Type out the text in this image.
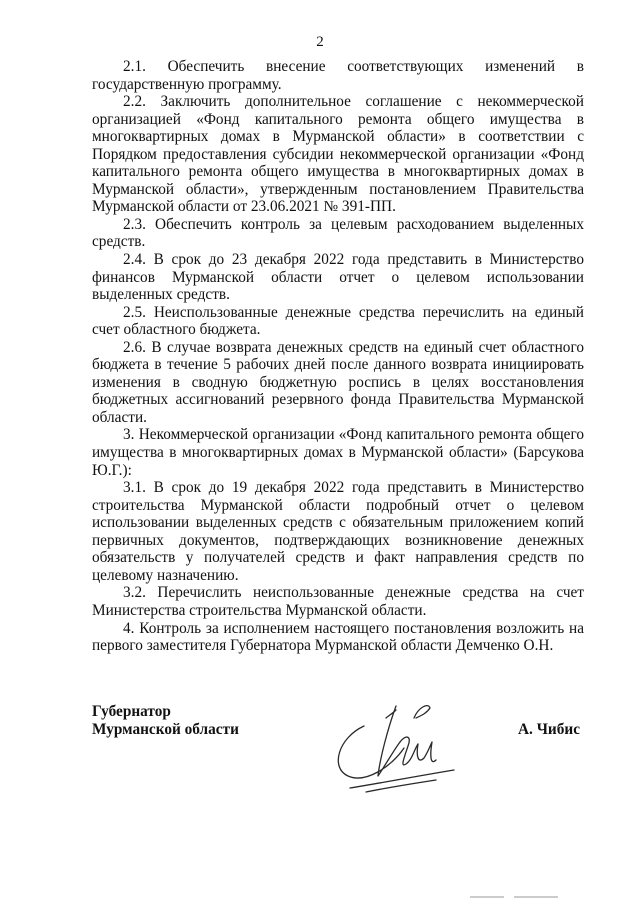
2

2.1. Обеспечить внесение соответствующих изменений в государственную программу.

2.2. Заключить дополнительное соглашение с некоммерческой организацией «Фонд капитального ремонта общего имущества в многоквартирных домах в Мурманской области» в соответствии с Порядком предоставления субсидии некоммерческой организации «Фонд капитального ремонта общего имущества в многоквартирных домах в Мурманской области», утвержденным постановлением Правительства Мурманской области от 23.06.2021 № 391-ПП.

2.3. Обеспечить контроль за целевым расходованием выделенных средств.

2.4. В срок до 23 декабря 2022 года представить в Министерство финансов Мурманской области отчет о целевом использовании выделенных средств.

2.5. Неиспользованные денежные средства перечислить на единый счет областного бюджета.

2.6. В случае возврата денежных средств на единый счет областного бюджета в течение 5 рабочих дней после данного возврата инициировать изменения в сводную бюджетную роспись в целях восстановления бюджетных ассигнований резервного фонда Правительства Мурманской области.

3. Некоммерческой организации «Фонд капитального ремонта общего имущества в многоквартирных домах в Мурманской области» (Барсукова Ю.Г.):

3.1. В срок до 19 декабря 2022 года представить в Министерство строительства Мурманской области подробный отчет о целевом использовании выделенных средств с обязательным приложением копий первичных документов, подтверждающих возникновение денежных обязательств у получателей средств и факт направления средств по целевому назначению.

3.2. Перечислить неиспользованные денежные средства на счет Министерства строительства Мурманской области.

4. Контроль за исполнением настоящего постановления возложить на первого заместителя Губернатора Мурманской области Демченко О.Н.

Губернатор
Мурманской области	А. Чибис
